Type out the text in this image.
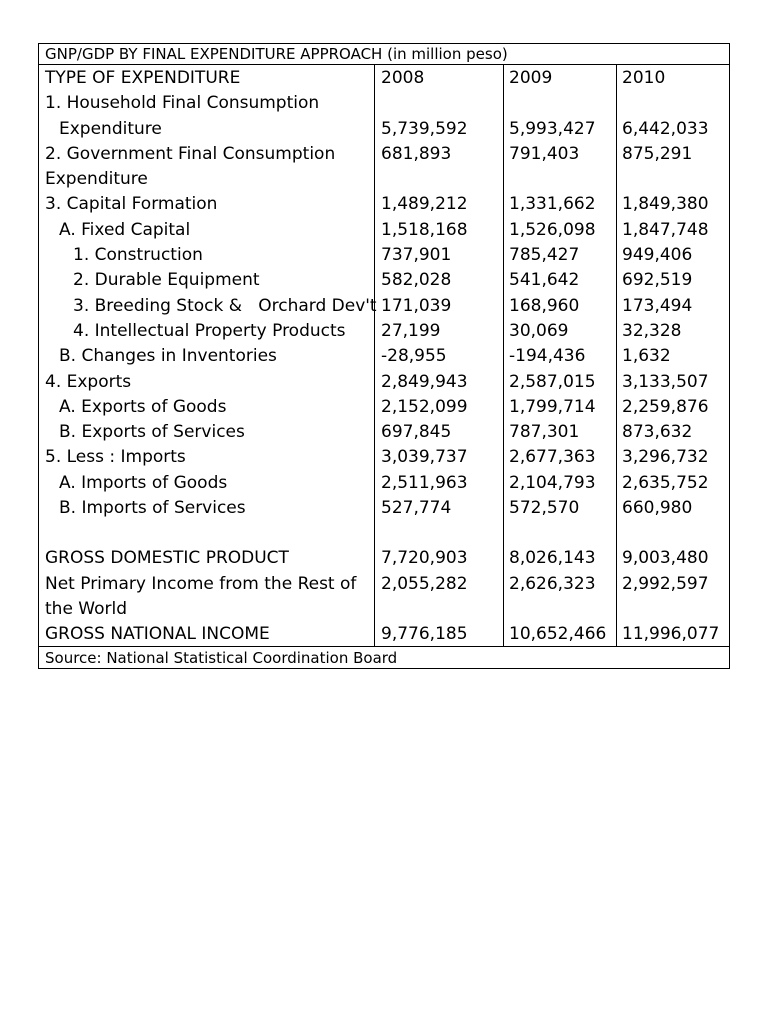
GNP/GDP BY FINAL EXPENDITURE APPROACH (in million peso)
TYPE OF EXPENDITURE	2008	2009	2010
1. Household Final Consumption
Expenditure	5,739,592 5,993,427 6,442,033
2. Government Final Consumption
Expenditure
681,893	791,403	875,291
3. Capital Formation	1,489,212 1,331,662 1,849,380
A. Fixed Capital	1,518,168 1,526,098 1,847,748
1. Construction	737,901	785,427	949,406
2. Durable Equipment	582,028	541,642	692,519
3. Breeding Stock &   Orchard Dev't 171,039	168,960	173,494
4. Intellectual Property Products	27,199	30,069	32,328
B. Changes in Inventories	-28,955	-194,436 1,632
4. Exports	2,849,943 2,587,015 3,133,507
A. Exports of Goods	2,152,099 1,799,714 2,259,876
B. Exports of Services	697,845	787,301	873,632
5. Less : Imports	3,039,737 2,677,363 3,296,732
A. Imports of Goods	2,511,963 2,104,793 2,635,752
B. Imports of Services	527,774	572,570	660,980
GROSS DOMESTIC PRODUCT	7,720,903 8,026,143 9,003,480
Net Primary Income from the Rest of
the World
2,055,282 2,626,323 2,992,597
GROSS NATIONAL INCOME	9,776,185 10,652,466 11,996,077
Source: National Statistical Coordination Board
